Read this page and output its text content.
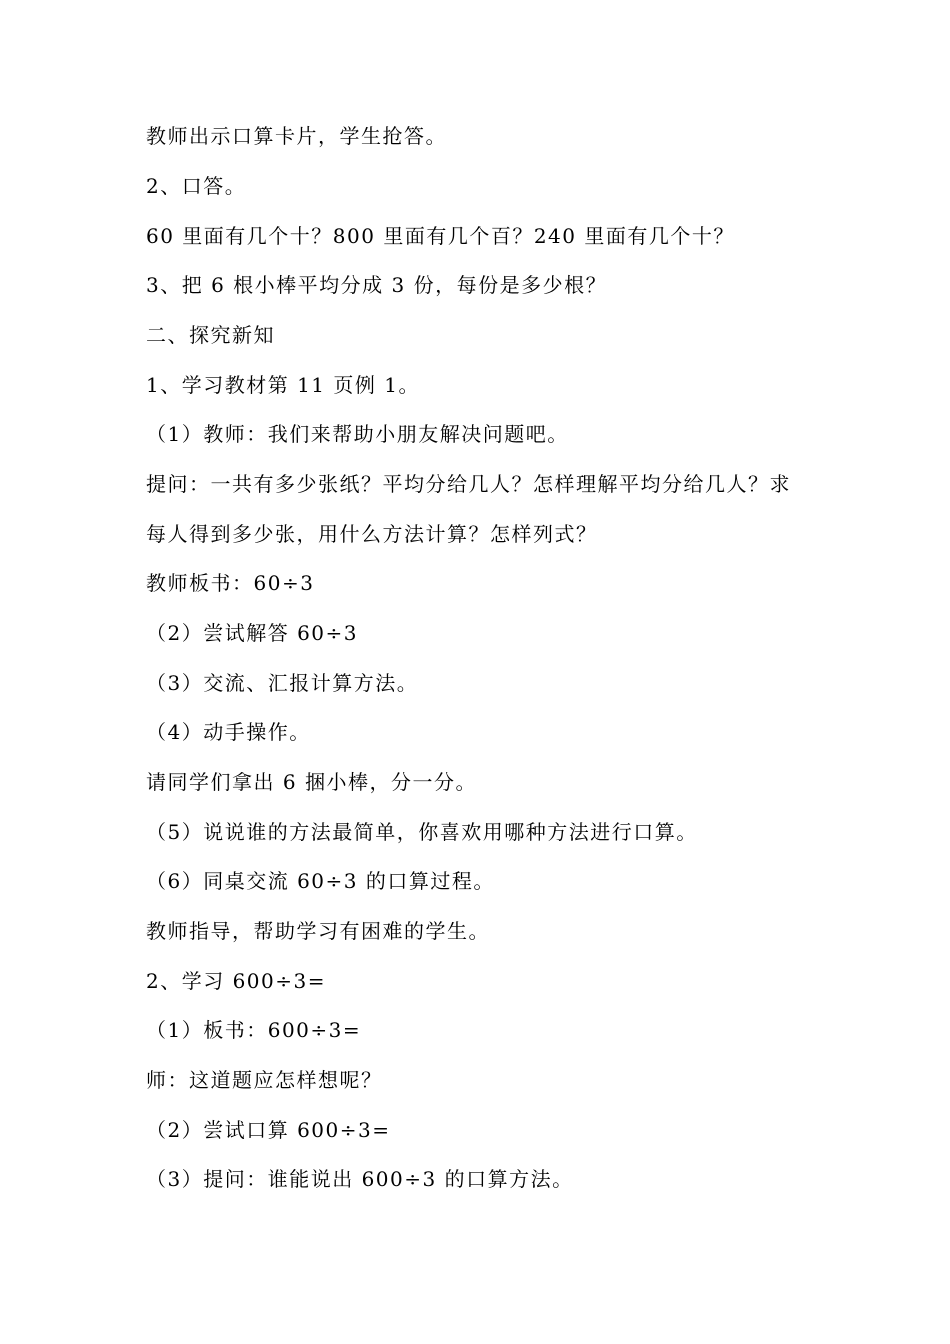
教师出示口算卡片，学生抢答。
2、口答。
60 里面有几个十？800 里面有几个百？240 里面有几个十？
3、把 6 根小棒平均分成 3 份，每份是多少根？
二、探究新知
1、学习教材第 11 页例 1。
（1）教师：我们来帮助小朋友解决问题吧。
提问：一共有多少张纸？平均分给几人？怎样理解平均分给几人？求
每人得到多少张，用什么方法计算？怎样列式？
教师板书：60÷3
（2）尝试解答 60÷3
（3）交流、汇报计算方法。
（4）动手操作。
请同学们拿出 6 捆小棒，分一分。
（5）说说谁的方法最简单，你喜欢用哪种方法进行口算。
（6）同桌交流 60÷3 的口算过程。
教师指导，帮助学习有困难的学生。
2、学习 600÷3=
（1）板书：600÷3=
师：这道题应怎样想呢？
（2）尝试口算 600÷3=
（3）提问：谁能说出 600÷3 的口算方法。
